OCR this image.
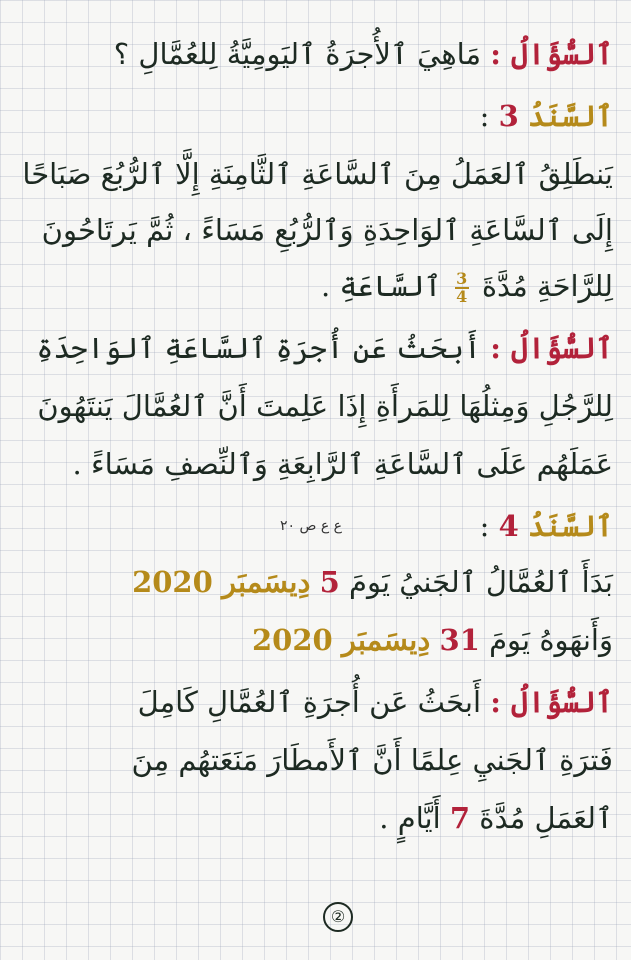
ٱلسُّؤَالُ : مَاهِيَ ٱلأُجرَةُ ٱليَومِيَّةُ لِلعُمَّالِ ؟
ٱلسَّنَدُ 3 :
يَنطَلِقُ ٱلعَمَلُ مِنَ ٱلسَّاعَةِ ٱلثَّامِنَةِ إِلَّا ٱلرُّبُعَ صَبَاحًا
إِلَى ٱلسَّاعَةِ ٱلوَاحِدَةِ وَٱلرُّبُعِ مَسَاءً ، ثُمَّ يَرتَاحُونَ
لِلرَّاحَةِ مُدَّةَ
$\frac{3}{4}$
ٱلسَّاعَةِ .
ٱلسُّؤَالُ : أَبحَثُ عَن أُجرَةِ ٱلسَّاعَةِ ٱلوَاحِدَةِ
لِلرَّجُلِ وَمِثلُهَا لِلمَرأَةِ إِذَا عَلِمتَ أَنَّ ٱلعُمَّالَ يَنتَهُونَ
عَمَلَهُم عَلَى ٱلسَّاعَةِ ٱلرَّابِعَةِ وَٱلنِّصفِ مَسَاءً .
ع ع ص ٢٠	ٱلسَّنَدُ 4 :
بَدَأَ ٱلعُمَّالُ ٱلجَنيُ يَومَ 5 دِيسَمبَر 2020
وَأَنهَوهُ يَومَ 31 دِيسَمبَر 2020
ٱلسُّؤَالُ : أَبحَثُ عَن أُجرَةِ ٱلعُمَّالِ كَامِلَ
فَترَةِ ٱلجَنيِ عِلمًا أَنَّ ٱلأَمطَارَ مَنَعَتهُم مِنَ
ٱلعَمَلِ مُدَّةَ 7 أَيَّامٍ .
②
